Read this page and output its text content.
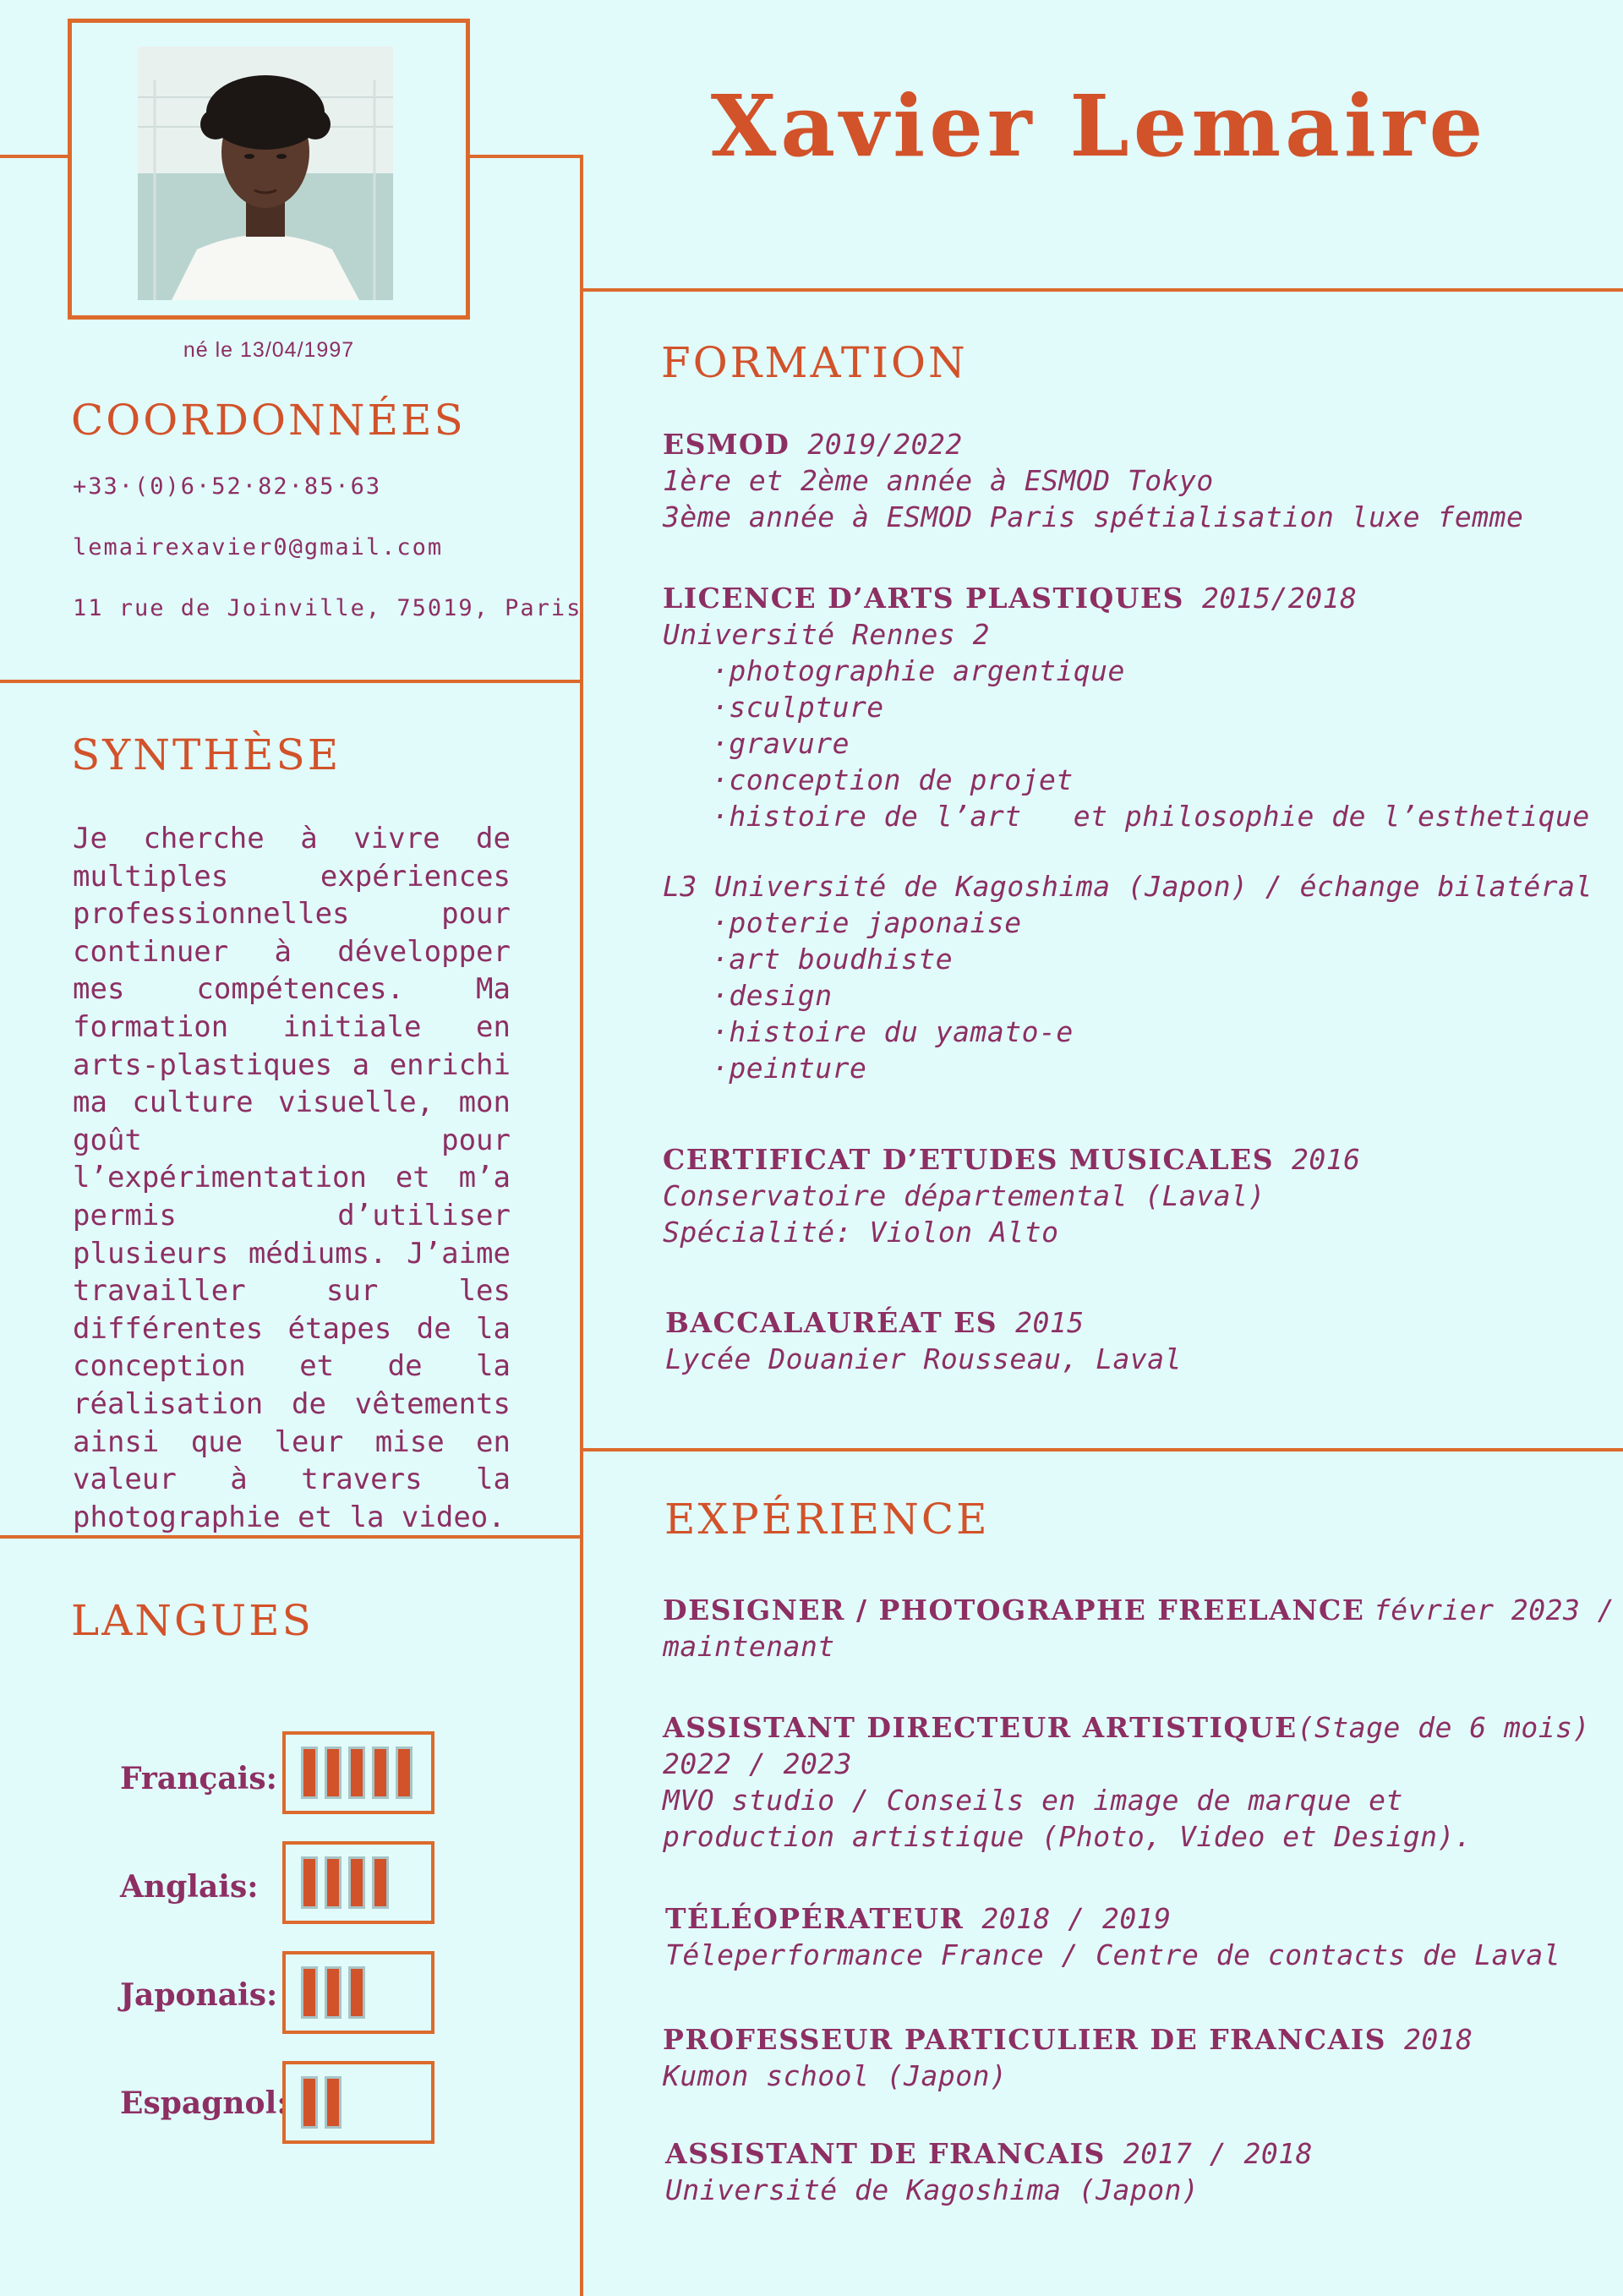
Xavier Lemaire
né le 13/04/1997
COORDONNÉES
+33·(0)6·52·82·85·63
lemairexavier0@gmail.com
11 rue de Joinville, 75019, Paris
SYNTHÈSE
Je cherche à vivre de multiples expériences professionnelles pour continuer à développer mes compétences. Ma formation initiale en arts-plastiques a enrichi ma culture visuelle, mon goût pour l’expérimentation et m’a permis d’utiliser plusieurs médiums. J’aime travailler sur les différentes étapes de la conception et de la réalisation de vêtements ainsi que leur mise en valeur à travers la photographie et la video.
LANGUES
Français:
Anglais:
Japonais:
Espagnol:
FORMATION
ESMOD 2019/2022
1ère et 2ème année à ESMOD Tokyo
3ème année à ESMOD Paris spétialisation luxe femme
LICENCE D’ARTS PLASTIQUES 2015/2018
Université Rennes 2
·photographie argentique
·sculpture
·gravure
·conception de projet
·histoire de l’art   et philosophie de l’esthetique
L3 Université de Kagoshima (Japon) / échange bilatéral
·poterie japonaise
·art boudhiste
·design
·histoire du yamato-e
·peinture
CERTIFICAT D’ETUDES MUSICALES 2016
Conservatoire départemental (Laval)
Spécialité: Violon Alto
BACCALAURÉAT ES 2015
Lycée Douanier Rousseau, Laval
EXPÉRIENCE
DESIGNER / PHOTOGRAPHE FREELANCE février 2023 /
maintenant
ASSISTANT DIRECTEUR ARTISTIQUE(Stage de 6 mois)
2022 / 2023
MVO studio / Conseils en image de marque et
production artistique (Photo, Video et Design).
TÉLÉOPÉRATEUR 2018 / 2019
Téleperformance France / Centre de contacts de Laval
PROFESSEUR PARTICULIER DE FRANCAIS 2018
Kumon school (Japon)
ASSISTANT DE FRANCAIS 2017 / 2018
Université de Kagoshima (Japon)
